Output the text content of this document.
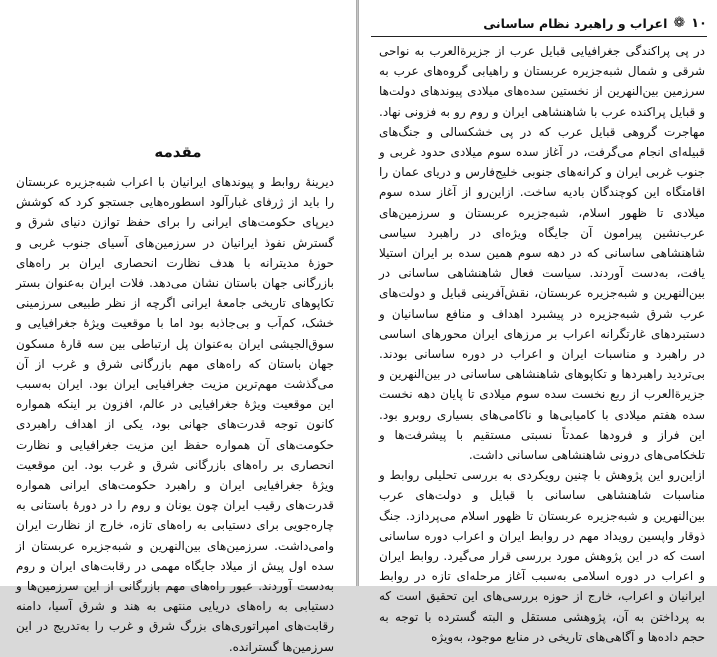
مقدمه

دیرینهٔ روابط و پیوندهای ایرانیان با اعراب شبه‌جزیره عربستان را باید از ژرفای غبارآلود اسطوره‌هایی جستجو کرد که کوشش دیرپای حکومت‌های ایرانی را برای حفظ توازن دنیای شرق و گسترش نفوذ ایرانیان در سرزمین‌های آسیای جنوب غربی و حوزهٔ مدیترانه با هدف نظارت انحصاری ایران بر راه‌های بازرگانی جهان باستان نشان می‌دهد. فلات ایران به‌عنوان بستر تکاپوهای تاریخی جامعهٔ ایرانی اگرچه از نظر طبیعی سرزمینی خشک، کم‌آب و بی‌جاذبه بود اما با موقعیت ویژهٔ جغرافیایی و سوق‌الجیشی ایران به‌عنوان پل ارتباطی بین سه قارهٔ مسکون جهان باستان که راه‌های مهم بازرگانی شرق و غرب از آن می‌گذشت مهم‌ترین مزیت جغرافیایی ایران بود. ایران به‌سبب این موقعیت ویژهٔ جغرافیایی در عالم، افزون بر اینکه همواره کانون توجه قدرت‌های جهانی بود، یکی از اهداف راهبردی حکومت‌های آن همواره حفظ این مزیت جغرافیایی و نظارت انحصاری بر راه‌های بازرگانی شرق و غرب بود. این موقعیت ویژهٔ جغرافیایی ایران و راهبرد حکومت‌های ایرانی همواره قدرت‌های رقیب ایران چون یونان و روم را در دورهٔ باستانی به چاره‌جویی برای دستیابی به راه‌های تازه، خارج از نظارت ایران وامی‌داشت. سرزمین‌های بین‌النهرین و شبه‌جزیره عربستان از سده اول پیش از میلاد جایگاه مهمی در رقابت‌های ایران و روم به‌دست آوردند. عبور راه‌های مهم بازرگانی از این سرزمین‌ها و دستیابی به راه‌های دریایی منتهی به هند و شرق آسیا، دامنه رقابت‌های امپراتوری‌های بزرگ شرق و غرب را به‌تدریج در این سرزمین‌ها گسترانده.

۱۰
❁
اعراب و راهبرد نظام ساسانی

در پی پراکندگی جغرافیایی قبایل عرب از جزیرة‌العرب به نواحی شرقی و شمال شبه‌جزیره عربستان و راهیابی گروه‌های عرب به سرزمین بین‌النهرین از نخستین سده‌های میلادی پیوندهای دولت‌ها و قبایل پراکنده عرب با شاهنشاهی ایران و روم رو به فزونی نهاد. مهاجرت گروهی قبایل عرب که در پی خشکسالی و جنگ‌های قبیله‌ای انجام می‌گرفت، در آغاز سده سوم میلادی حدود غربی و جنوب غربی ایران و کرانه‌های جنوبی خلیج‌فارس و دریای عمان را اقامتگاه این کوچندگان بادیه ساخت. ازاین‌رو از آغاز سده سوم میلادی تا ظهور اسلام، شبه‌جزیره عربستان و سرزمین‌های عرب‌نشین پیرامون آن جایگاه ویژه‌ای در راهبرد سیاسی شاهنشاهی ساسانی که در دهه سوم همین سده بر ایران استیلا یافت، به‌دست آوردند. سیاست فعال شاهنشاهی ساسانی در بین‌النهرین و شبه‌جزیره عربستان، نقش‌آفرینی قبایل و دولت‌های عرب شرق شبه‌جزیره در پیشبرد اهداف و منافع ساسانیان و دستبردهای غارتگرانه اعراب بر مرزهای ایران محورهای اساسی در راهبرد و مناسبات ایران و اعراب در دوره ساسانی بودند. بی‌تردید راهبردها و تکاپوهای شاهنشاهی ساسانی در بین‌النهرین و جزیرة‌العرب از ربع نخست سده سوم میلادی تا پایان دهه نخست سده هفتم میلادی با کامیابی‌ها و ناکامی‌های بسیاری روبرو بود. این فراز و فرودها عمدتاً نسبتی مستقیم با پیشرفت‌ها و تلخکامی‌های درونی شاهنشاهی ساسانی داشت.

ازاین‌رو این پژوهش با چنین رویکردی به بررسی تحلیلی روابط و مناسبات شاهنشاهی ساسانی با قبایل و دولت‌های عرب بین‌النهرین و شبه‌جزیره عربستان تا ظهور اسلام می‌پردازد. جنگ ذوقار واپسین رویداد مهم در روابط ایران و اعراب دوره ساسانی است که در این پژوهش مورد بررسی قرار می‌گیرد. روابط ایران و اعراب در دوره اسلامی به‌سبب آغاز مرحله‌ای تازه در روابط ایرانیان و اعراب، خارج از حوزه بررسی‌های این تحقیق است که به پرداختن به آن، پژوهشی مستقل و البته گسترده با توجه به حجم داده‌ها و آگاهی‌های تاریخی در منابع موجود، به‌ویژه
